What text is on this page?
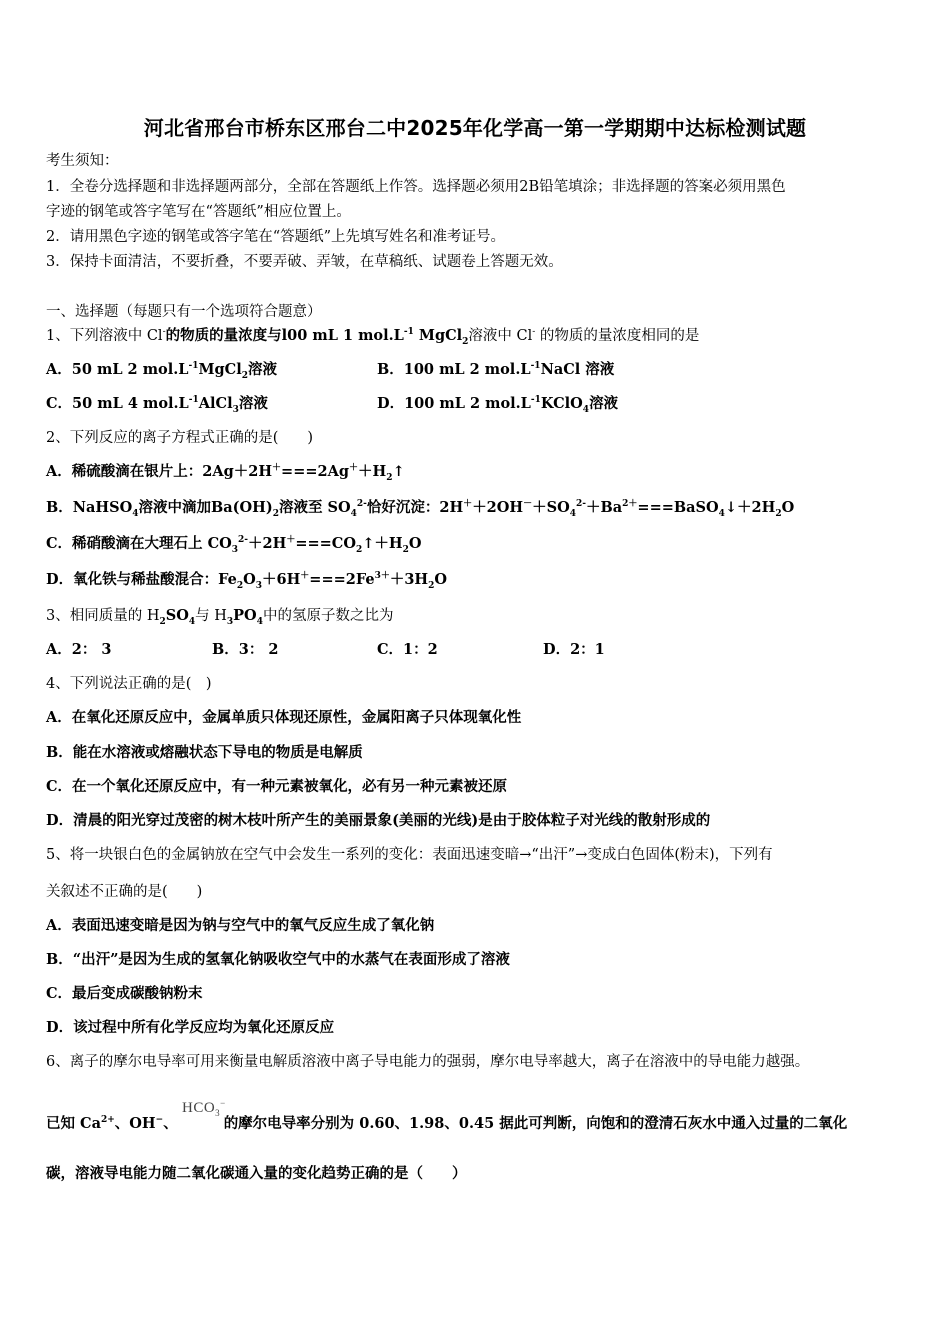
河北省邢台市桥东区邢台二中2025年化学高一第一学期期中达标检测试题
考生须知：
1．全卷分选择题和非选择题两部分，全部在答题纸上作答。选择题必须用2B铅笔填涂；非选择题的答案必须用黑色
字迹的钢笔或答字笔写在“答题纸”相应位置上。
2．请用黑色字迹的钢笔或答字笔在“答题纸”上先填写姓名和准考证号。
3．保持卡面清洁，不要折叠，不要弄破、弄皱，在草稿纸、试题卷上答题无效。
一、选择题（每题只有一个选项符合题意）
1、下列溶液中 Cl-的物质的量浓度与l00 mL 1 $mol.L^{-1}$ MgCl$_2$溶液中 Cl- 的物质的量浓度相同的是
A．50 mL 2 $mol.L^{-1}MgCl_2$溶液	B．100 mL 2 $mol.L^{-1}NaCl$ 溶液
C．50 mL 4 $mol.L^{-1}AlCl_3$溶液	D．100 mL 2 $mol.L^{-1}KClO_4$溶液
2、下列反应的离子方程式正确的是(　　)
A．稀硫酸滴在银片上：$2Ag+2H^+===2Ag^++H_2↑$
B．NaHSO$_4$溶液中滴加$Ba(OH)_2$溶液至 $SO_4^{2-}$恰好沉淀：$2H^++2OH^-+SO_4^{2-}+Ba^{2+}===BaSO_4↓+2H_2O$
C．稀硝酸滴在大理石上 $CO_3^{2-}+2H^+===CO_2↑+H_2O$
D．氧化铁与稀盐酸混合：$Fe_2O_3+6H^+===2Fe^{3+}+3H_2O$
3、相同质量的 $H_2SO_4$与 $H_3PO_4$中的氢原子数之比为
A．2： 3	B．3： 2	C．1：2	D．2：1
4、下列说法正确的是(　)
A．在氧化还原反应中，金属单质只体现还原性，金属阳离子只体现氧化性
B．能在水溶液或熔融状态下导电的物质是电解质
C．在一个氧化还原反应中，有一种元素被氧化，必有另一种元素被还原
D．清晨的阳光穿过茂密的树木枝叶所产生的美丽景象(美丽的光线)是由于胶体粒子对光线的散射形成的
5、将一块银白色的金属钠放在空气中会发生一系列的变化：表面迅速变暗→“出汗”→变成白色固体(粉末)，下列有
关叙述不正确的是(　　)
A．表面迅速变暗是因为钠与空气中的氧气反应生成了氧化钠
B．“出汗”是因为生成的氢氧化钠吸收空气中的水蒸气在表面形成了溶液
C．最后变成碳酸钠粉末
D．该过程中所有化学反应均为氧化还原反应
6、离子的摩尔电导率可用来衡量电解质溶液中离子导电能力的强弱，摩尔电导率越大，离子在溶液中的导电能力越强。
$HCO_3^-$
已知 $Ca^{2+}$、OH−、	的摩尔电导率分别为 0.60、1.98、0.45 据此可判断，向饱和的澄清石灰水中通入过量的二氧化
碳，溶液导电能力随二氧化碳通入量的变化趋势正确的是（　　）
